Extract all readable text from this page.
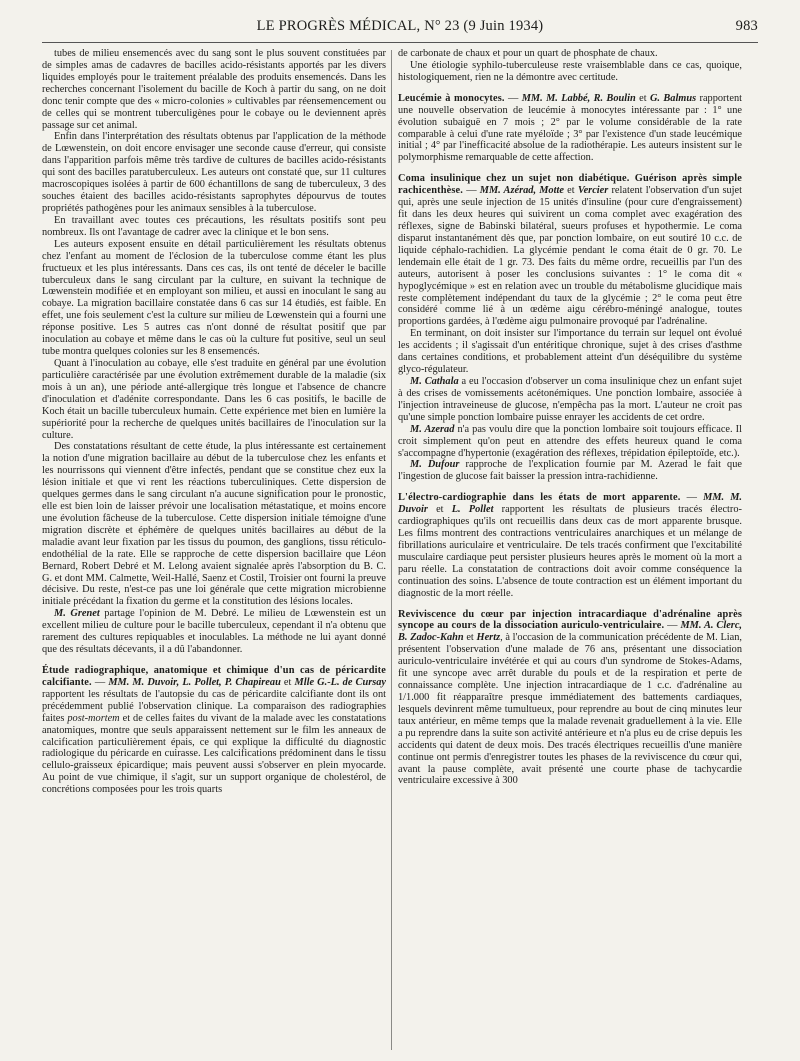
LE PROGRÈS MÉDICAL, N° 23 (9 Juin 1934)	983

tubes de milieu ensemencés avec du sang sont le plus souvent constituées par de simples amas de cadavres de bacilles acido-résistants apportés par les divers liquides employés pour le traitement préalable des produits ensemencés. Dans les recherches concernant l'isolement du bacille de Koch à partir du sang, on ne doit donc tenir compte que des « micro-colonies » cultivables par réensemencement ou de celles qui se montrent tuberculigènes pour le cobaye ou le deviennent après passage sur cet animal.

Enfin dans l'interprétation des résultats obtenus par l'application de la méthode de Lœwenstein, on doit encore envisager une seconde cause d'erreur, qui consiste dans l'apparition parfois même très tardive de cultures de bacilles acido-résistants qui sont des bacilles paratuberculeux. Les auteurs ont constaté que, sur 11 cultures macroscopiques isolées à partir de 600 échantillons de sang de tuberculeux, 3 des souches étaient des bacilles acido-résistants saprophytes dépourvus de toutes propriétés pathogènes pour les animaux sensibles à la tuberculose.

En travaillant avec toutes ces précautions, les résultats positifs sont peu nombreux. Ils ont l'avantage de cadrer avec la clinique et le bon sens.

Les auteurs exposent ensuite en détail particulièrement les résultats obtenus chez l'enfant au moment de l'éclosion de la tuberculose comme étant les plus fructueux et les plus intéressants. Dans ces cas, ils ont tenté de déceler le bacille tuberculeux dans le sang circulant par la culture, en suivant la technique de Lœwenstein modifiée et en employant son milieu, et aussi en inoculant le sang au cobaye. La migration bacillaire constatée dans 6 cas sur 14 étudiés, est faible. En effet, une fois seulement c'est la culture sur milieu de Lœwenstein qui a fourni une réponse positive. Les 5 autres cas n'ont donné de résultat positif que par inoculation au cobaye et même dans le cas où la culture fut positive, seul un seul tube montra quelques colonies sur les 8 ensemencés.

Quant à l'inoculation au cobaye, elle s'est traduite en général par une évolution particulière caractérisée par une évolution extrêmement durable de la maladie (six mois à un an), une période anté-allergique très longue et l'absence de chancre d'inoculation et d'adénite correspondante. Dans les 6 cas positifs, le bacille de Koch était un bacille tuberculeux humain. Cette expérience met bien en lumière la supériorité pour la recherche de quelques unités bacillaires de l'inoculation sur la culture.

Des constatations résultant de cette étude, la plus intéressante est certainement la notion d'une migration bacillaire au début de la tuberculose chez les enfants et les nourrissons qui viennent d'être infectés, pendant que se constitue chez eux la lésion initiale et que vi rent les réactions tuberculiniques. Cette dispersion de quelques germes dans le sang circulant n'a aucune signification pour le pronostic, elle est bien loin de laisser prévoir une localisation métastatique, et moins encore une évolution fâcheuse de la tuberculose. Cette dispersion initiale témoigne d'une migration discrète et éphémère de quelques unités bacillaires au début de la maladie avant leur fixation par les tissus du poumon, des ganglions, tissu réticulo-endothélial de la rate. Elle se rapproche de cette dispersion bacillaire que Léon Bernard, Robert Debré et M. Lelong avaient signalée après l'absorption du B. C. G. et dont MM. Calmette, Weil-Hallé, Saenz et Costil, Troisier ont fourni la preuve décisive. Du reste, n'est-ce pas une loi générale que cette migration microbienne initiale précédant la fixation du germe et la constitution des lésions locales.

M. Grenet partage l'opinion de M. Debré. Le milieu de Lœwenstein est un excellent milieu de culture pour le bacille tuberculeux, cependant il n'a obtenu que rarement des cultures repiquables et inoculables. La méthode ne lui ayant donné que des résultats décevants, il a dû l'abandonner.

Étude radiographique, anatomique et chimique d'un cas de péricardite calcifiante. — MM. M. Duvoir, L. Pollet, P. Chapireau et Mlle G.-L. de Cursay rapportent les résultats de l'autopsie du cas de péricardite calcifiante dont ils ont précédemment publié l'observation clinique. La comparaison des radiographies faites post-mortem et de celles faites du vivant de la malade avec les constatations anatomiques, montre que seuls apparaissent nettement sur le film les anneaux de calcification particulièrement épais, ce qui explique la difficulté du diagnostic radiologique du péricarde en cuirasse. Les calcifications prédominent dans le tissu cellulo-graisseux épicardique; mais peuvent aussi s'observer en plein myocarde. Au point de vue chimique, il s'agit, sur un support organique de cholestérol, de concrétions composées pour les trois quarts

de carbonate de chaux et pour un quart de phosphate de chaux.

Une étiologie syphilo-tuberculeuse reste vraisemblable dans ce cas, quoique, histologiquement, rien ne la démontre avec certitude.

Leucémie à monocytes. — MM. M. Labbé, R. Boulin et G. Balmus rapportent une nouvelle observation de leucémie à monocytes intéressante par : 1° une évolution subaiguë en 7 mois ; 2° par le volume considérable de la rate comparable à celui d'une rate myéloïde ; 3° par l'existence d'un stade leucémique initial ; 4° par l'inefficacité absolue de la radiothérapie. Les auteurs insistent sur le polymorphisme remarquable de cette affection.

Coma insulinique chez un sujet non diabétique. Guérison après simple rachicenthèse. — MM. Azérad, Motte et Vercier relatent l'observation d'un sujet qui, après une seule injection de 15 unités d'insuline (pour cure d'engraissement) fit dans les deux heures qui suivirent un coma complet avec exagération des réflexes, signe de Babinski bilatéral, sueurs profuses et hypothermie. Le coma disparut instantanément dès que, par ponction lombaire, on eut soutiré 10 c.c. de liquide céphalo-rachidien. La glycémie pendant le coma était de 0 gr. 70. Le lendemain elle était de 1 gr. 73. Des faits du même ordre, recueillis par l'un des auteurs, autorisent à poser les conclusions suivantes : 1° le coma dit « hypoglycémique » est en relation avec un trouble du métabolisme glucidique mais reste complètement indépendant du taux de la glycémie ; 2° le coma peut être considéré comme lié à un œdème aigu cérébro-méningé analogue, toutes proportions gardées, à l'œdème aigu pulmonaire provoqué par l'adrénaline.

En terminant, on doit insister sur l'importance du terrain sur lequel ont évolué les accidents ; il s'agissait d'un entéritique chronique, sujet à des crises d'asthme dans certaines conditions, et probablement atteint d'un déséquilibre du système glyco-régulateur.

M. Cathala a eu l'occasion d'observer un coma insulinique chez un enfant sujet à des crises de vomissements acétonémiques. Une ponction lombaire, associée à l'injection intraveineuse de glucose, n'empêcha pas la mort. L'auteur ne croit pas qu'une simple ponction lombaire puisse enrayer les accidents de cet ordre.

M. Azerad n'a pas voulu dire que la ponction lombaire soit toujours efficace. Il croit simplement qu'on peut en attendre des effets heureux quand le coma s'accompagne d'hypertonie (exagération des réflexes, trépidation épileptoïde, etc.).

M. Dufour rapproche de l'explication fournie par M. Azerad le fait que l'ingestion de glucose fait baisser la pression intra-rachidienne.

L'électro-cardiographie dans les états de mort apparente. — MM. M. Duvoir et L. Pollet rapportent les résultats de plusieurs tracés électro-cardiographiques qu'ils ont recueillis dans deux cas de mort apparente brusque. Les films montrent des contractions ventriculaires anarchiques et un mélange de fibrillations auriculaire et ventriculaire. De tels tracés confirment que l'excitabilité musculaire cardiaque peut persister plusieurs heures après le moment où la mort a paru réelle. La constatation de contractions doit avoir comme conséquence la continuation des soins. L'absence de toute contraction est un élément important du diagnostic de la mort réelle.

Reviviscence du cœur par injection intracardiaque d'adrénaline après syncope au cours de la dissociation auriculo-ventriculaire. — MM. A. Clerc, B. Zadoc-Kahn et Hertz, à l'occasion de la communication précédente de M. Lian, présentent l'observation d'une malade de 76 ans, présentant une dissociation auriculo-ventriculaire invétérée et qui au cours d'un syndrome de Stokes-Adams, fit une syncope avec arrêt durable du pouls et de la respiration et perte de connaissance complète. Une injection intracardiaque de 1 c.c. d'adrénaline au 1/1.000 fit réapparaître presque immédiatement des battements cardiaques, lesquels devinrent même tumultueux, pour reprendre au bout de cinq minutes leur taux antérieur, en même temps que la malade revenait graduellement à la vie. Elle a pu reprendre dans la suite son activité antérieure et n'a plus eu de crise depuis les accidents qui datent de deux mois. Des tracés électriques recueillis d'une manière continue ont permis d'enregistrer toutes les phases de la reviviscence du cœur qui, avant la pause complète, avait présenté une courte phase de tachycardie ventriculaire excessive à 300
